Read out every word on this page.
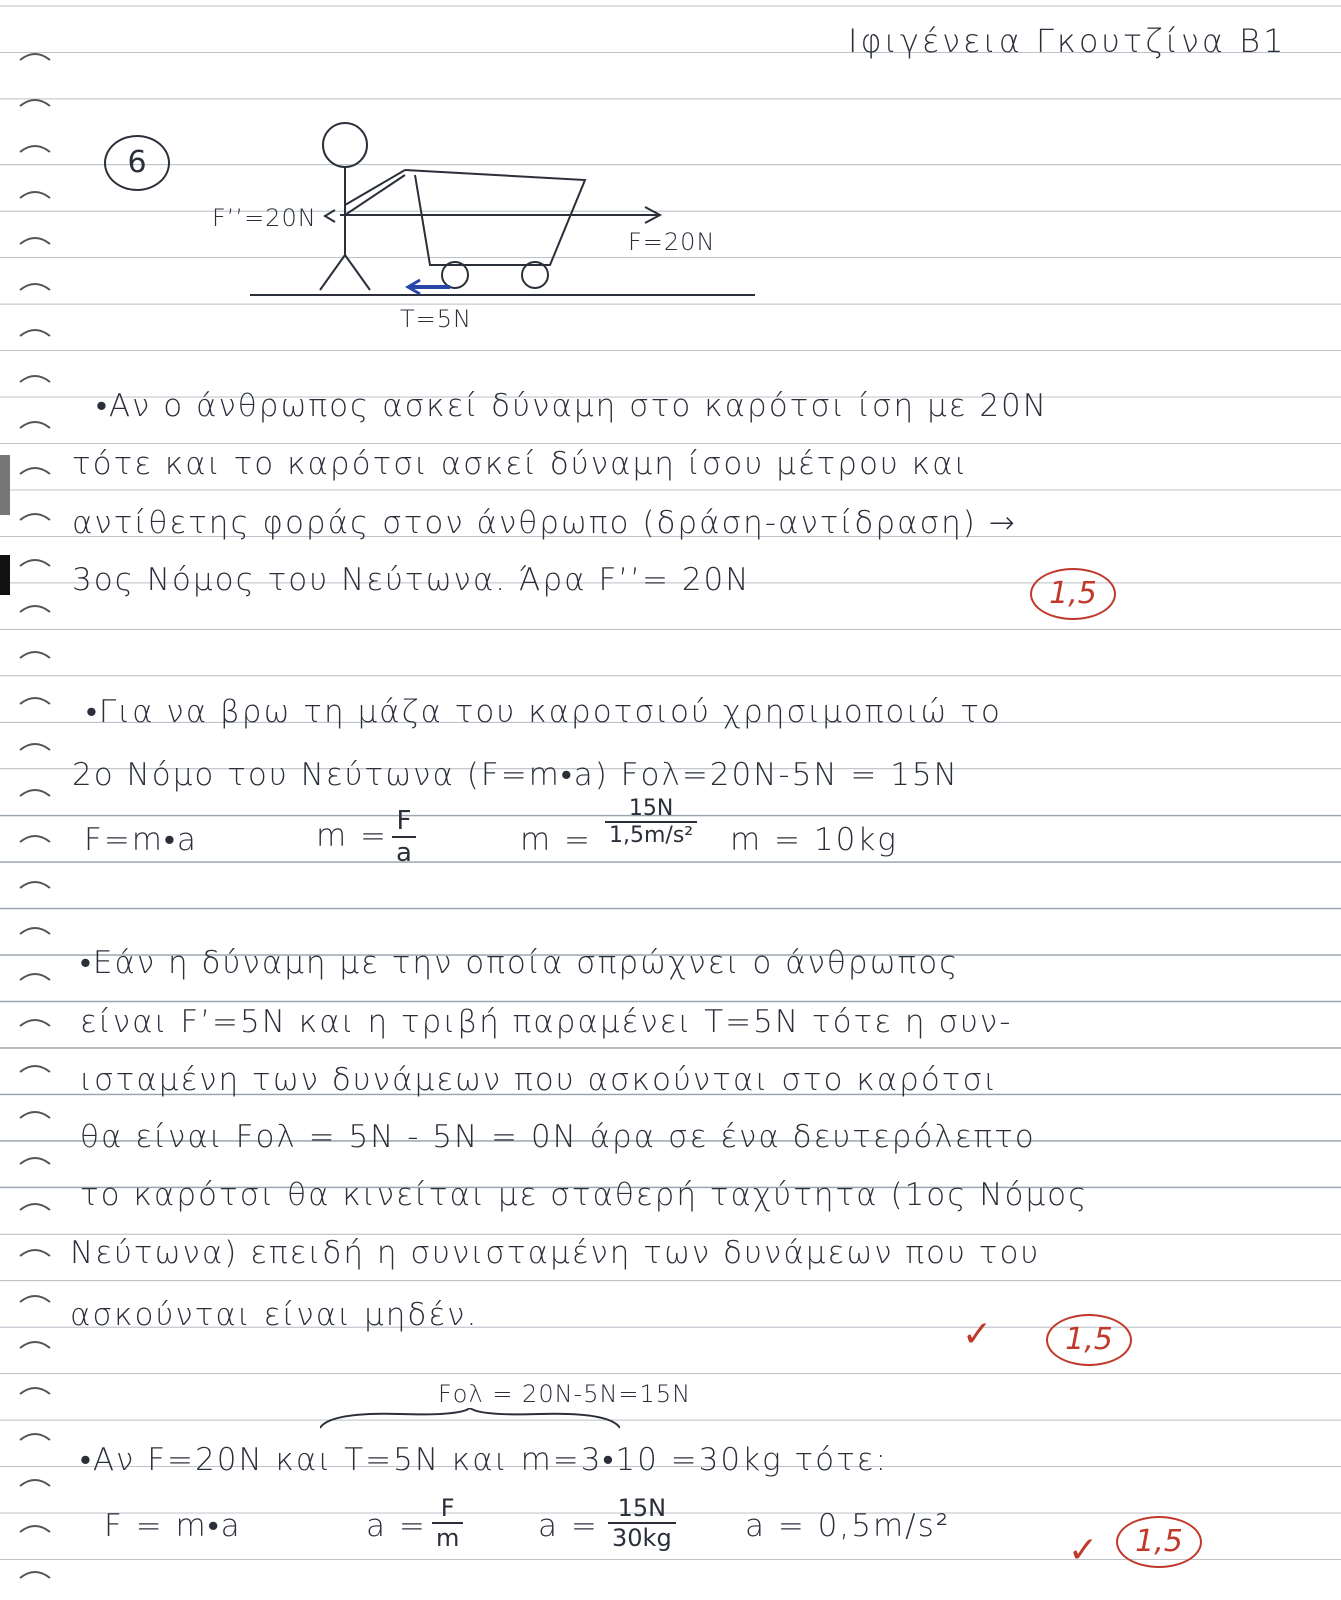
Ιφιγένεια Γκουτζίνα Β1
6
F’’=20N
F=20N
T=5N
•Αν ο άνθρωπος ασκεί δύναμη στο καρότσι ίση με 20N
τότε και το καρότσι ασκεί δύναμη ίσου μέτρου και
αντίθετης φοράς στον άνθρωπο (δράση-αντίδραση) →
3ος Νόμος του Νεύτωνα. Άρα F’’= 20N	1,5
•Για να βρω τη μάζα του καροτσιού χρησιμοποιώ το
2ο Νόμο του Νεύτωνα (F=m•a) Fολ=20N-5N = 15N
F=m•a	$m = \frac{F}{a}$	$m = \frac{15N}{\text{1,5m/s²}}$ m = 10kg
•Εάν η δύναμη με την οποία σπρώχνει ο άνθρωπος
είναι F’=5N και η τριβή παραμένει T=5N τότε η συν-
ισταμένη των δυνάμεων που ασκούνται στο καρότσι
θα είναι Fολ = 5N - 5N = 0N άρα σε ένα δευτερόλεπτο
το καρότσι θα κινείται με σταθερή ταχύτητα (1ος Νόμος
Νεύτωνα) επειδή η συνισταμένη των δυνάμεων που του
ασκούνται είναι μηδέν.	✓	1,5
Fολ = 20N-5N=15N
•Αν F=20N και T=5N και m=3•10 =30kg τότε:
F = m•a	$a = \frac{F}{m}$ $a = \frac{15N}{30kg}$ a = 0,5m/s²
✓	1,5
